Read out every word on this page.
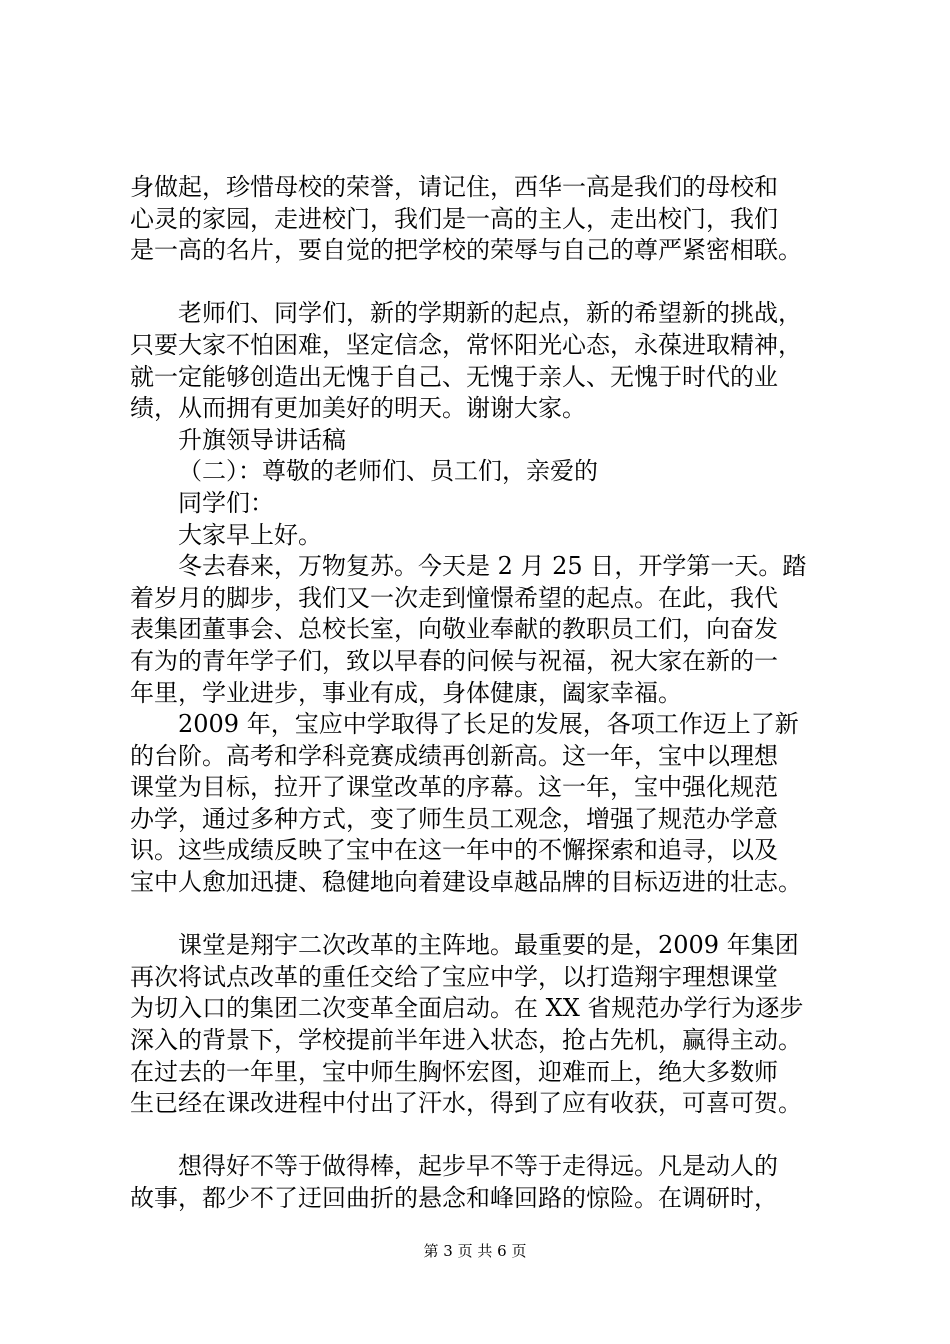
身做起，珍惜母校的荣誉，请记住，西华一高是我们的母校和
心灵的家园，走进校门，我们是一高的主人，走出校门，我们
是一高的名片，要自觉的把学校的荣辱与自己的尊严紧密相联。

老师们、同学们，新的学期新的起点，新的希望新的挑战，
只要大家不怕困难，坚定信念，常怀阳光心态，永葆进取精神，
就一定能够创造出无愧于自己、无愧于亲人、无愧于时代的业
绩，从而拥有更加美好的明天。谢谢大家。

升旗领导讲话稿

（二）：尊敬的老师们、员工们，亲爱的

同学们：

大家早上好。

冬去春来，万物复苏。今天是 2 月 25 日，开学第一天。踏
着岁月的脚步，我们又一次走到憧憬希望的起点。在此，我代
表集团董事会、总校长室，向敬业奉献的教职员工们，向奋发
有为的青年学子们，致以早春的问候与祝福，祝大家在新的一
年里，学业进步，事业有成，身体健康，阖家幸福。

2009 年，宝应中学取得了长足的发展，各项工作迈上了新
的台阶。高考和学科竞赛成绩再创新高。这一年，宝中以理想
课堂为目标，拉开了课堂改革的序幕。这一年，宝中强化规范
办学，通过多种方式，变了师生员工观念，增强了规范办学意
识。这些成绩反映了宝中在这一年中的不懈探索和追寻，以及
宝中人愈加迅捷、稳健地向着建设卓越品牌的目标迈进的壮志。

课堂是翔宇二次改革的主阵地。最重要的是，2009 年集团
再次将试点改革的重任交给了宝应中学，以打造翔宇理想课堂
为切入口的集团二次变革全面启动。在 XX 省规范办学行为逐步
深入的背景下，学校提前半年进入状态，抢占先机，赢得主动。
在过去的一年里，宝中师生胸怀宏图，迎难而上，绝大多数师
生已经在课改进程中付出了汗水，得到了应有收获，可喜可贺。

想得好不等于做得棒，起步早不等于走得远。凡是动人的
故事，都少不了迂回曲折的悬念和峰回路的惊险。在调研时，

第 3 页 共 6 页
